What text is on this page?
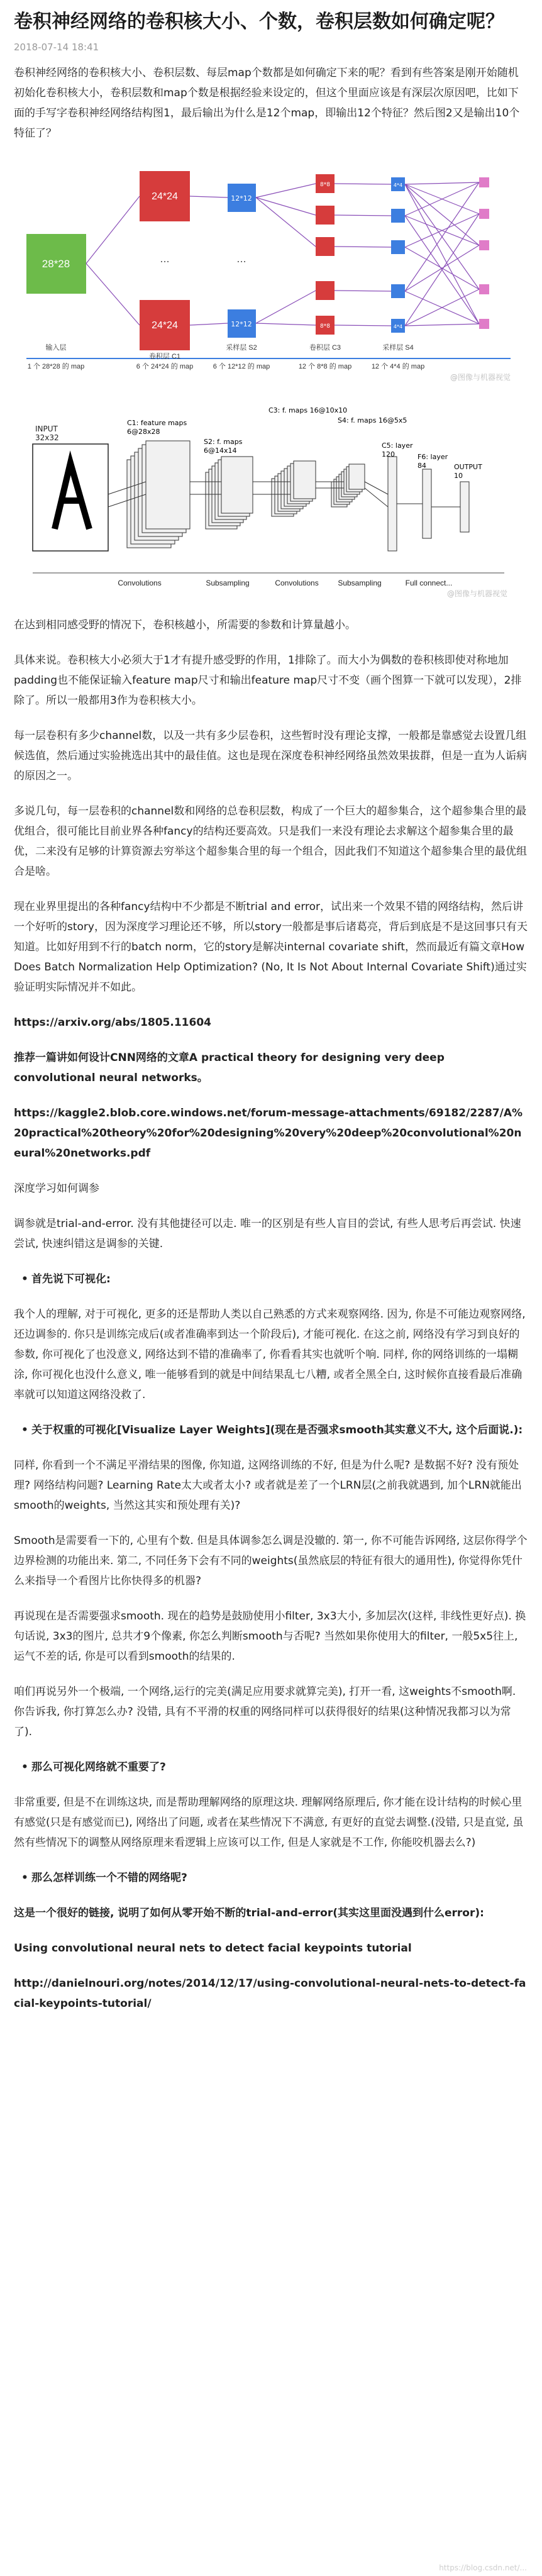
卷积神经网络的卷积核大小、个数，卷积层数如何确定呢？
2018-07-14 18:41

卷积神经网络的卷积核大小、卷积层数、每层map个数都是如何确定下来的呢？看到有些答案是刚开始随机初始化卷积核大小，卷积层数和map个数是根据经验来设定的，但这个里面应该是有深层次原因吧，比如下面的手写字卷积神经网络结构图1，最后输出为什么是12个map，即输出12个特征？然后图2又是输出10个特征了？

28*28
24*24
...
24*24
12*12
...
12*12
8*8
8*8
4*4
4*4
输入层
1 个 28*28 的 map
卷积层 C1
6 个 24*24 的 map
采样层 S2
6 个 12*12 的 map
卷积层 C3
12 个 8*8 的 map
采样层 S4
12 个 4*4 的 map
@图像与机器视觉
INPUT
32x32
C1: feature maps
6@28x28
S2: f. maps
6@14x14
C3: f. maps 16@10x10
S4: f. maps 16@5x5
C5: layer
120	F6: layer
84	OUTPUT
10
Convolutions	Subsampling	Convolutions	Subsampling	Full connect...
@图像与机器视觉

在达到相同感受野的情况下，卷积核越小，所需要的参数和计算量越小。

具体来说。卷积核大小必须大于1才有提升感受野的作用，1排除了。而大小为偶数的卷积核即使对称地加padding也不能保证输入feature map尺寸和输出feature map尺寸不变（画个图算一下就可以发现），2排除了。所以一般都用3作为卷积核大小。

每一层卷积有多少channel数，以及一共有多少层卷积，这些暂时没有理论支撑，一般都是靠感觉去设置几组候选值，然后通过实验挑选出其中的最佳值。这也是现在深度卷积神经网络虽然效果拔群，但是一直为人诟病的原因之一。

多说几句，每一层卷积的channel数和网络的总卷积层数，构成了一个巨大的超参集合，这个超参集合里的最优组合，很可能比目前业界各种fancy的结构还要高效。只是我们一来没有理论去求解这个超参集合里的最优，二来没有足够的计算资源去穷举这个超参集合里的每一个组合，因此我们不知道这个超参集合里的最优组合是啥。

现在业界里提出的各种fancy结构中不少都是不断trial and error，试出来一个效果不错的网络结构，然后讲一个好听的story，因为深度学习理论还不够，所以story一般都是事后诸葛亮，背后到底是不是这回事只有天知道。比如好用到不行的batch norm，它的story是解决internal covariate shift，然而最近有篇文章How Does Batch Normalization Help Optimization? (No, It Is Not About Internal Covariate Shift)通过实验证明实际情况并不如此。

https://arxiv.org/abs/1805.11604

推荐一篇讲如何设计CNN网络的文章A practical theory for designing very deep convolutional neural networks。

https://kaggle2.blob.core.windows.net/forum-message-attachments/69182/2287/A%20practical%20theory%20for%20designing%20very%20deep%20convolutional%20neural%20networks.pdf

深度学习如何调参

调参就是trial-and-error. 没有其他捷径可以走. 唯一的区别是有些人盲目的尝试, 有些人思考后再尝试. 快速尝试, 快速纠错这是调参的关键.

• 首先说下可视化:

我个人的理解, 对于可视化, 更多的还是帮助人类以自己熟悉的方式来观察网络. 因为, 你是不可能边观察网络, 还边调参的. 你只是训练完成后(或者准确率到达一个阶段后), 才能可视化. 在这之前, 网络没有学习到良好的参数, 你可视化了也没意义, 网络达到不错的准确率了, 你看看其实也就听个响. 同样, 你的网络训练的一塌糊涂, 你可视化也没什么意义, 唯一能够看到的就是中间结果乱七八糟, 或者全黑全白, 这时候你直接看最后准确率就可以知道这网络没救了.

• 关于权重的可视化[Visualize Layer Weights](现在是否强求smooth其实意义不大, 这个后面说.):

同样, 你看到一个不满足平滑结果的图像, 你知道, 这网络训练的不好, 但是为什么呢? 是数据不好? 没有预处理? 网络结构问题? Learning Rate太大或者太小? 或者就是差了一个LRN层(之前我就遇到, 加个LRN就能出smooth的weights, 当然这其实和预处理有关)?

Smooth是需要看一下的, 心里有个数. 但是具体调参怎么调是没辙的. 第一, 你不可能告诉网络, 这层你得学个边界检测的功能出来. 第二, 不同任务下会有不同的weights(虽然底层的特征有很大的通用性), 你觉得你凭什么来指导一个看图片比你快得多的机器?

再说现在是否需要强求smooth. 现在的趋势是鼓励使用小filter, 3x3大小, 多加层次(这样, 非线性更好点). 换句话说, 3x3的图片, 总共才9个像素, 你怎么判断smooth与否呢? 当然如果你使用大的filter, 一般5x5往上, 运气不差的话, 你是可以看到smooth的结果的.

咱们再说另外一个极端, 一个网络,运行的完美(满足应用要求就算完美), 打开一看, 这weights不smooth啊. 你告诉我, 你打算怎么办? 没错, 具有不平滑的权重的网络同样可以获得很好的结果(这种情况我都习以为常了).

• 那么可视化网络就不重要了?

非常重要, 但是不在训练这块, 而是帮助理解网络的原理这块. 理解网络原理后, 你才能在设计结构的时候心里有感觉(只是有感觉而已), 网络出了问题, 或者在某些情况下不满意, 有更好的直觉去调整.(没错, 只是直觉, 虽然有些情况下的调整从网络原理来看逻辑上应该可以工作, 但是人家就是不工作, 你能咬机器去么?)

• 那么怎样训练一个不错的网络呢?

这是一个很好的链接, 说明了如何从零开始不断的trial-and-error(其实这里面没遇到什么error):

Using convolutional neural nets to detect facial keypoints tutorial

http://danielnouri.org/notes/2014/12/17/using-convolutional-neural-nets-to-detect-facial-keypoints-tutorial/

https://blog.csdn.net/...
